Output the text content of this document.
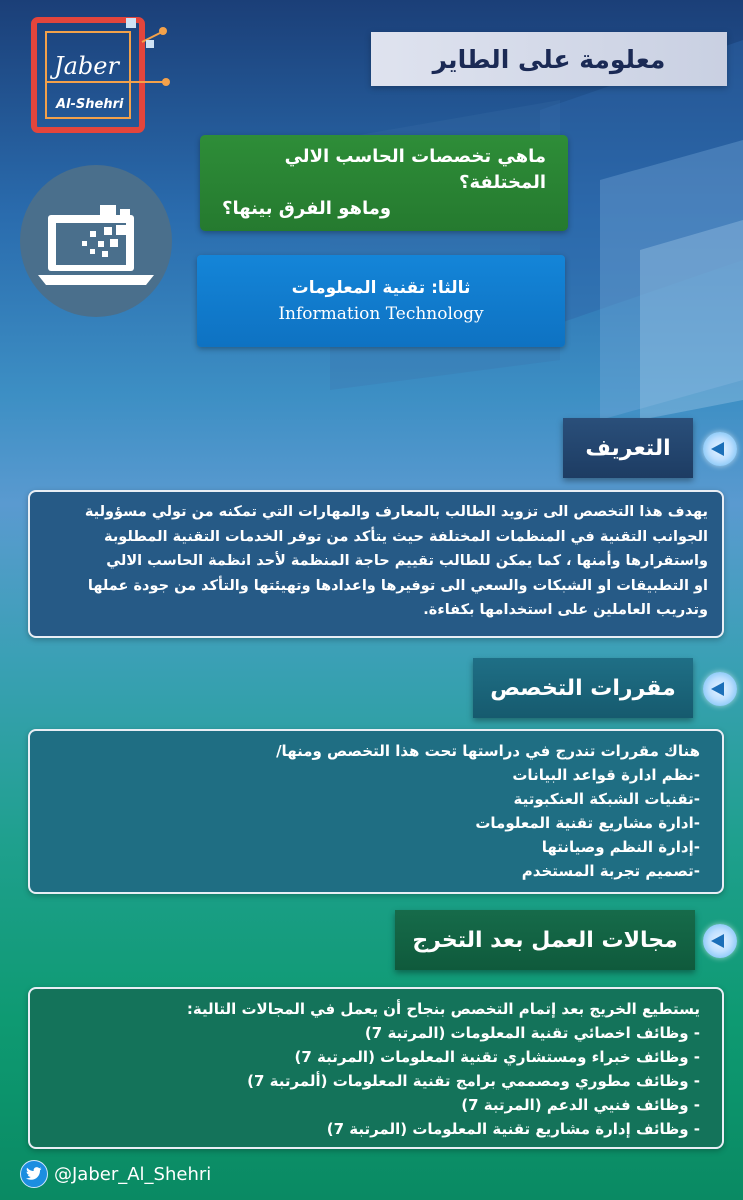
Jaber
Al-Shehri
معلومة على الطاير
ماهي تخصصات الحاسب الالي المختلفة؟
وماهو الفرق بينها؟
ثالثا: تقنية المعلومات
Information Technology
التعريف
يهدف هذا التخصص الى تزويد الطالب بالمعارف والمهارات التي تمكنه من تولي مسؤولية
الجوانب التقنية في المنظمات المختلفة حيث يتأكد من توفر الخدمات التقنية المطلوبة
واستقرارها وأمنها ، كما يمكن للطالب تقييم حاجة المنظمة لأحد انظمة الحاسب الالي
او التطبيقات او الشبكات والسعي الى توفيرها واعدادها وتهيئتها والتأكد من جودة عملها
وتدريب العاملين على استخدامها بكفاءة.
مقررات التخصص
هناك مقررات تندرج في دراستها تحت هذا التخصص ومنها/
-نظم ادارة قواعد البيانات
-تقنيات الشبكة العنكبوتية
-ادارة مشاريع تقنية المعلومات
-إدارة النظم وصيانتها
-تصميم تجربة المستخدم
مجالات العمل بعد التخرج
يستطيع الخريج بعد إتمام التخصص بنجاح أن يعمل في المجالات التالية:
- وظائف اخصائي تقنية المعلومات (المرتبة 7)
- وظائف خبراء ومستشاري تقنية المعلومات (المرتبة 7)
- وظائف مطوري ومصممي برامج تقنية المعلومات (ألمرتبة 7)
- وظائف فنيي الدعم (المرتبة 7)
- وظائف إدارة مشاريع تقنية المعلومات (المرتبة 7)
@Jaber_Al_Shehri
